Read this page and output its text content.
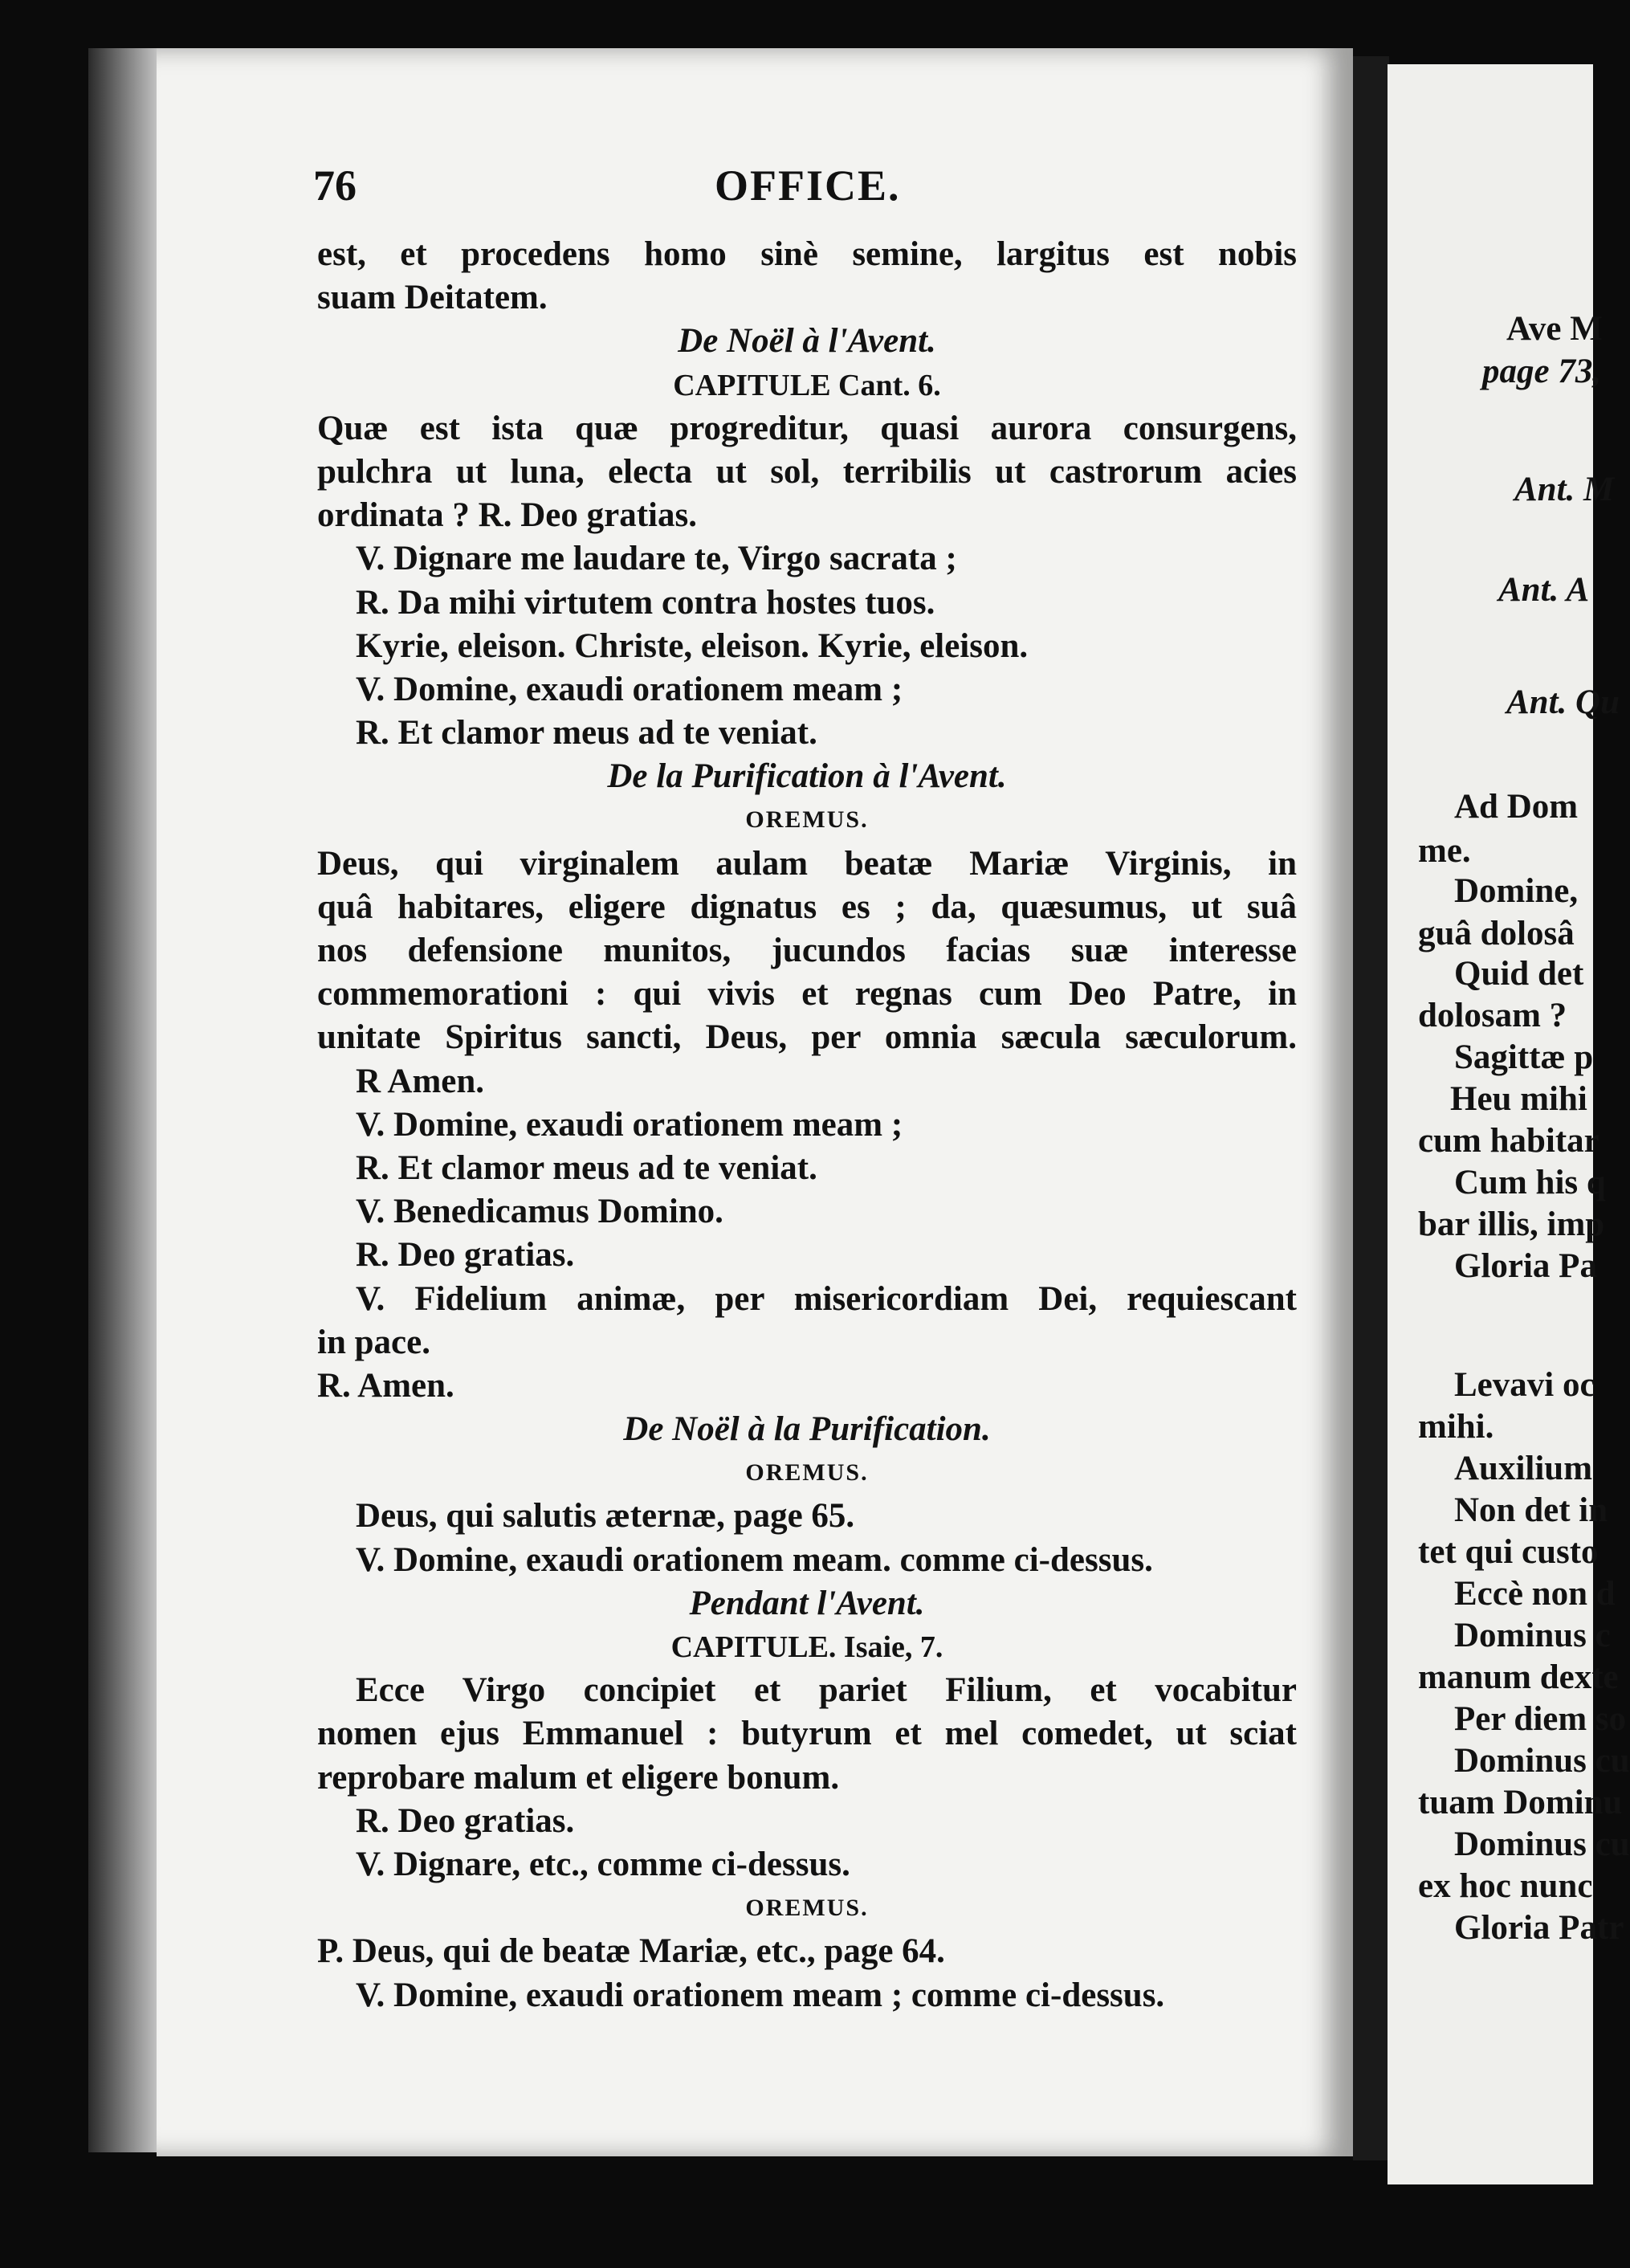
76	OFFICE.
est, et procedens homo sinè semine, largitus est nobis
suam Deitatem.
De Noël à l'Avent.
CAPITULE Cant. 6.
Quæ est ista quæ progreditur, quasi aurora consurgens,
pulchra ut luna, electa ut sol, terribilis ut castrorum acies
ordinata ? R. Deo gratias.
V. Dignare me laudare te, Virgo sacrata ;
R. Da mihi virtutem contra hostes tuos.
Kyrie, eleison. Christe, eleison. Kyrie, eleison.
V. Domine, exaudi orationem meam ;
R. Et clamor meus ad te veniat.
De la Purification à l'Avent.
OREMUS.
Deus, qui virginalem aulam beatæ Mariæ Virginis, in
quâ habitares, eligere dignatus es ; da, quæsumus, ut suâ
nos defensione munitos, jucundos facias suæ interesse
commemorationi : qui vivis et regnas cum Deo Patre, in
unitate Spiritus sancti, Deus, per omnia sæcula sæculorum.
R Amen.
V. Domine, exaudi orationem meam ;
R. Et clamor meus ad te veniat.
V. Benedicamus Domino.
R. Deo gratias.
V. Fidelium animæ, per misericordiam Dei, requiescant
in pace.
R. Amen.
De Noël à la Purification.
OREMUS.
Deus, qui salutis æternæ, page 65.
V. Domine, exaudi orationem meam. comme ci-dessus.
Pendant l'Avent.
CAPITULE. Isaie, 7.
Ecce Virgo concipiet et pariet Filium, et vocabitur
nomen ejus Emmanuel : butyrum et mel comedet, ut sciat
reprobare malum et eligere bonum.
R. Deo gratias.
V. Dignare, etc., comme ci-dessus.
OREMUS.
P. Deus, qui de beatæ Mariæ, etc., page 64.
V. Domine, exaudi orationem meam ; comme ci-dessus.
Ave M
page 73,
Ant. M
Ant. A
Ant. Qu
Ad Dom
me.
Domine,
guâ dolosâ
Quid det
dolosam ?
Sagittæ p
Heu mihi
cum habitar
Cum his q
bar illis, imp
Gloria Pa
Levavi oc
mihi.
Auxilium
Non det in
tet qui custo
Eccè non d
Dominus c
manum dexte
Per diem so
Dominus cu
tuam Dominu
Dominus cu
ex hoc nunc
Gloria Patr
